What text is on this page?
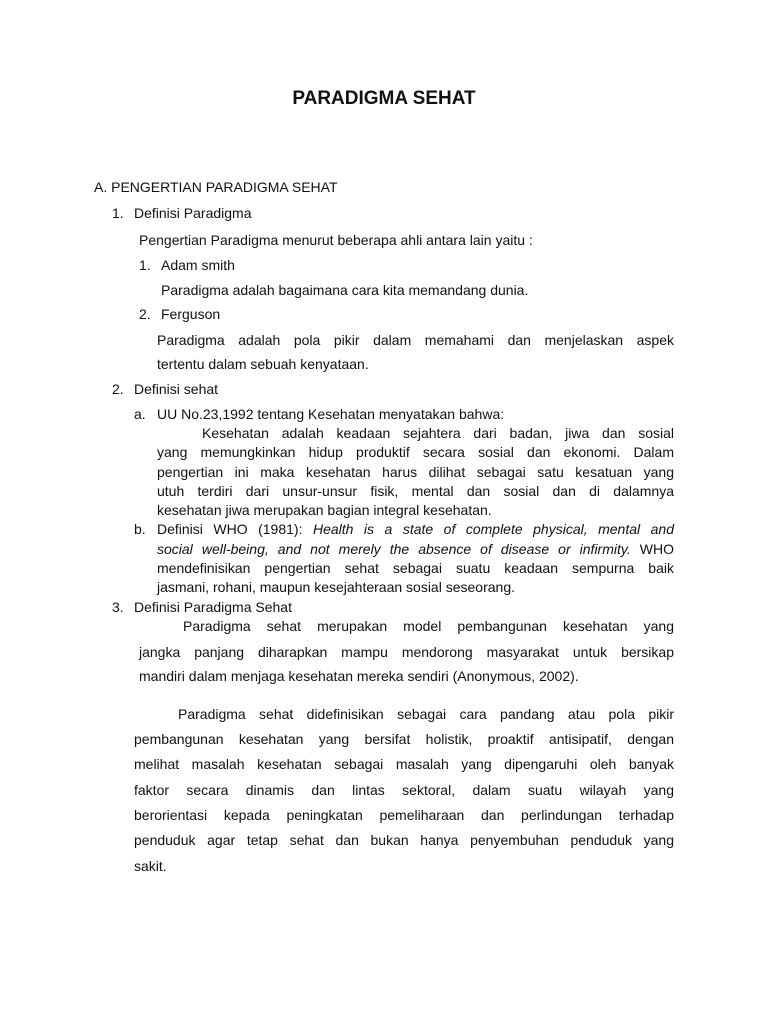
PARADIGMA SEHAT
A. PENGERTIAN PARADIGMA SEHAT
1. Definisi Paradigma
Pengertian Paradigma menurut beberapa ahli antara lain yaitu :
1. Adam smith
Paradigma adalah bagaimana cara kita memandang dunia.
2. Ferguson
Paradigma adalah pola pikir dalam memahami dan menjelaskan aspek
tertentu dalam sebuah kenyataan.
2. Definisi sehat
a. UU No.23,1992 tentang Kesehatan menyatakan bahwa:
Kesehatan adalah keadaan sejahtera dari badan, jiwa dan sosial
yang memungkinkan hidup produktif secara sosial dan ekonomi. Dalam
pengertian ini maka kesehatan harus dilihat sebagai satu kesatuan yang
utuh terdiri dari unsur-unsur fisik, mental dan sosial dan di dalamnya
kesehatan jiwa merupakan bagian integral kesehatan.
b. Definisi WHO (1981): Health is a state of complete physical, mental and
social well-being, and not merely the absence of disease or infirmity. WHO
mendefinisikan pengertian sehat sebagai suatu keadaan sempurna baik
jasmani, rohani, maupun kesejahteraan sosial seseorang.
3. Definisi Paradigma Sehat
Paradigma sehat merupakan model pembangunan kesehatan yang
jangka panjang diharapkan mampu mendorong masyarakat untuk bersikap
mandiri dalam menjaga kesehatan mereka sendiri (Anonymous, 2002).
Paradigma sehat didefinisikan sebagai cara pandang atau pola pikir
pembangunan kesehatan yang bersifat holistik, proaktif antisipatif, dengan
melihat masalah kesehatan sebagai masalah yang dipengaruhi oleh banyak
faktor secara dinamis dan lintas sektoral, dalam suatu wilayah yang
berorientasi kepada peningkatan pemeliharaan dan perlindungan terhadap
penduduk agar tetap sehat dan bukan hanya penyembuhan penduduk yang
sakit.
